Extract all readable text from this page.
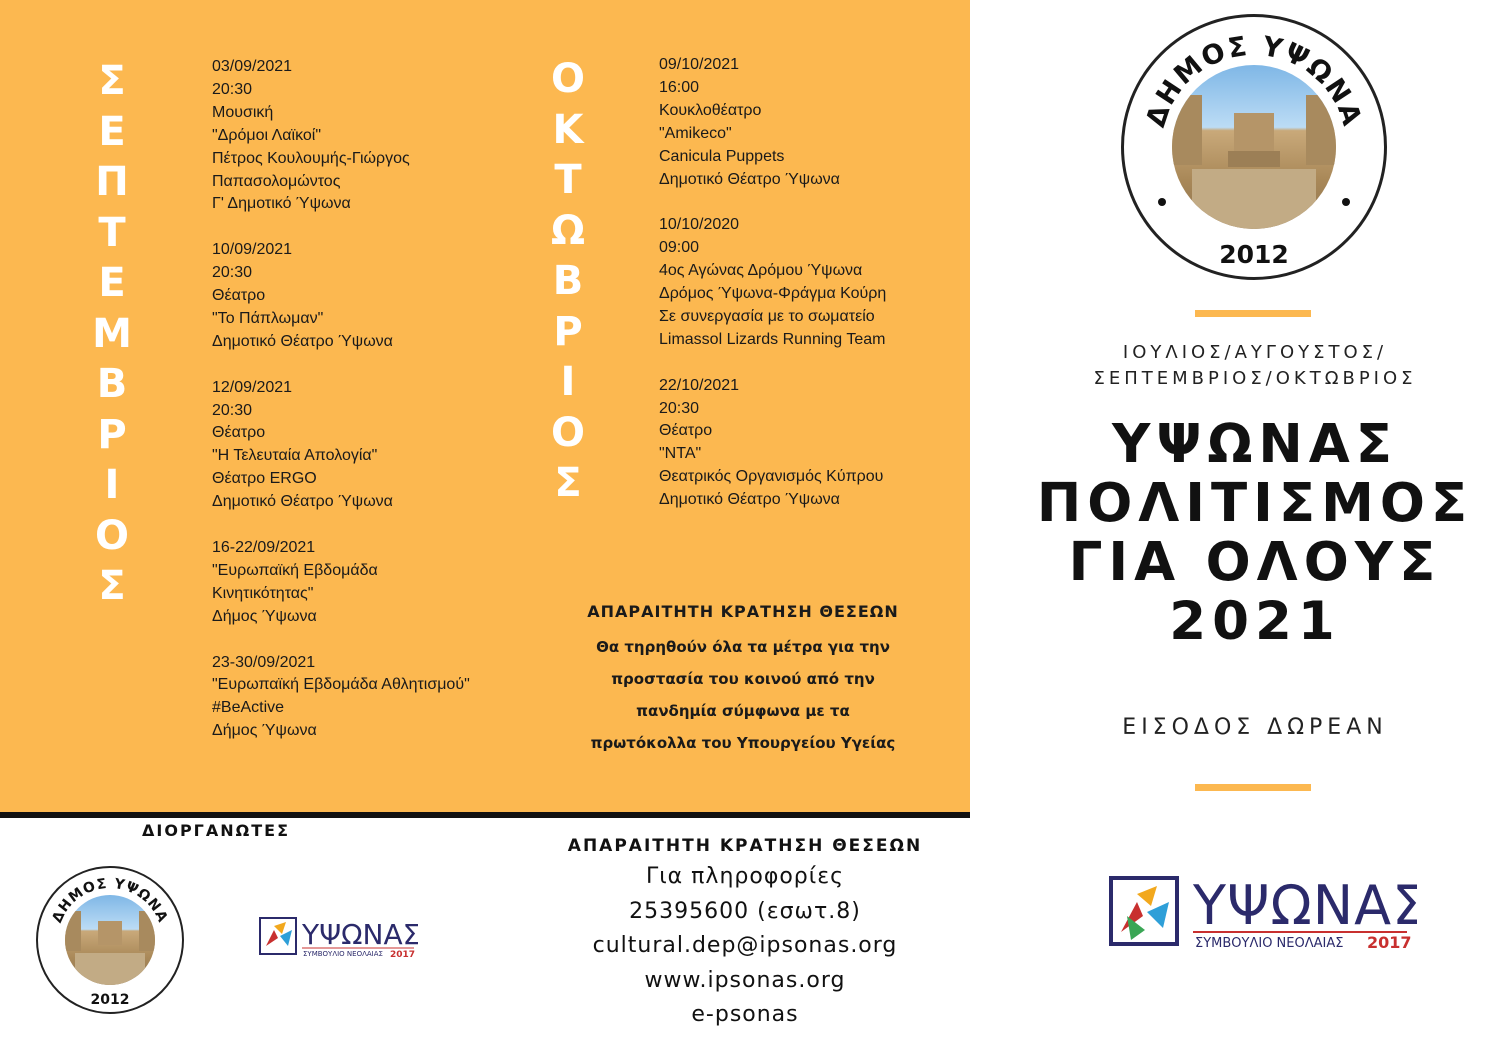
Σ
Ε
Π
Τ
Ε
Μ
Β
Ρ
Ι
Ο
Σ
Ο
Κ
Τ
Ω
Β
Ρ
Ι
Ο
Σ
03/09/2021
20:30
Μουσική
"Δρόμοι Λαϊκοί"
Πέτρος Κουλουμής-Γιώργος
Παπασολομώντος
Γ' Δημοτικό Ύψωνα
10/09/2021
20:30
Θέατρο
"Το Πάπλωμαν"
Δημοτικό Θέατρο Ύψωνα
12/09/2021
20:30
Θέατρο
"Η Τελευταία Απολογία"
Θέατρο ERGO
Δημοτικό Θέατρο Ύψωνα
16-22/09/2021
"Ευρωπαϊκή Εβδομάδα
Κινητικότητας"
Δήμος Ύψωνα
23-30/09/2021
"Ευρωπαϊκή Εβδομάδα Αθλητισμού"
#BeActive
Δήμος Ύψωνα
09/10/2021
16:00
Κουκλοθέατρο
"Amikeco"
Canicula Puppets
Δημοτικό Θέατρο Ύψωνα
10/10/2020
09:00
4ος Αγώνας Δρόμου Ύψωνα
Δρόμος Ύψωνα-Φράγμα Κούρη
Σε συνεργασία με το σωματείο
Limassol Lizards Running Team
22/10/2021
20:30
Θέατρο
"ΝΤΑ"
Θεατρικός Οργανισμός Κύπρου
Δημοτικό Θέατρο Ύψωνα
ΑΠΑΡΑΙΤΗΤΗ ΚΡΑΤΗΣΗ ΘΕΣΕΩΝ
Θα τηρηθούν όλα τα μέτρα για την
προστασία του κοινού από την
πανδημία σύμφωνα με τα
πρωτόκολλα του Υπουργείου Υγείας
ΔΗΜΟΣ ΥΨΩΝΑ
2012
ΙΟΥΛΙΟΣ/ΑΥΓΟΥΣΤΟΣ/
ΣΕΠΤΕΜΒΡΙΟΣ/ΟΚΤΩΒΡΙΟΣ
ΥΨΩΝΑΣ
ΠΟΛΙΤΙΣΜΟΣ
ΓΙΑ ΟΛΟΥΣ
2021
ΕΙΣΟΔΟΣ ΔΩΡΕΑΝ
ΥΨΩΝΑΣ
ΣΥΜΒΟΥΛΙΟ ΝΕΟΛΑΙΑΣ 2017
ΔΙΟΡΓΑΝΩΤΕΣ
ΔΗΜΟΣ ΥΨΩΝΑ
2012
ΥΨΩΝΑΣ
ΣΥΜΒΟΥΛΙΟ ΝΕΟΛΑΙΑΣ 2017
ΑΠΑΡΑΙΤΗΤΗ ΚΡΑΤΗΣΗ ΘΕΣΕΩΝ
Για πληροφορίες
25395600 (εσωτ.8)
cultural.dep@ipsonas.org
www.ipsonas.org
e-psonas
